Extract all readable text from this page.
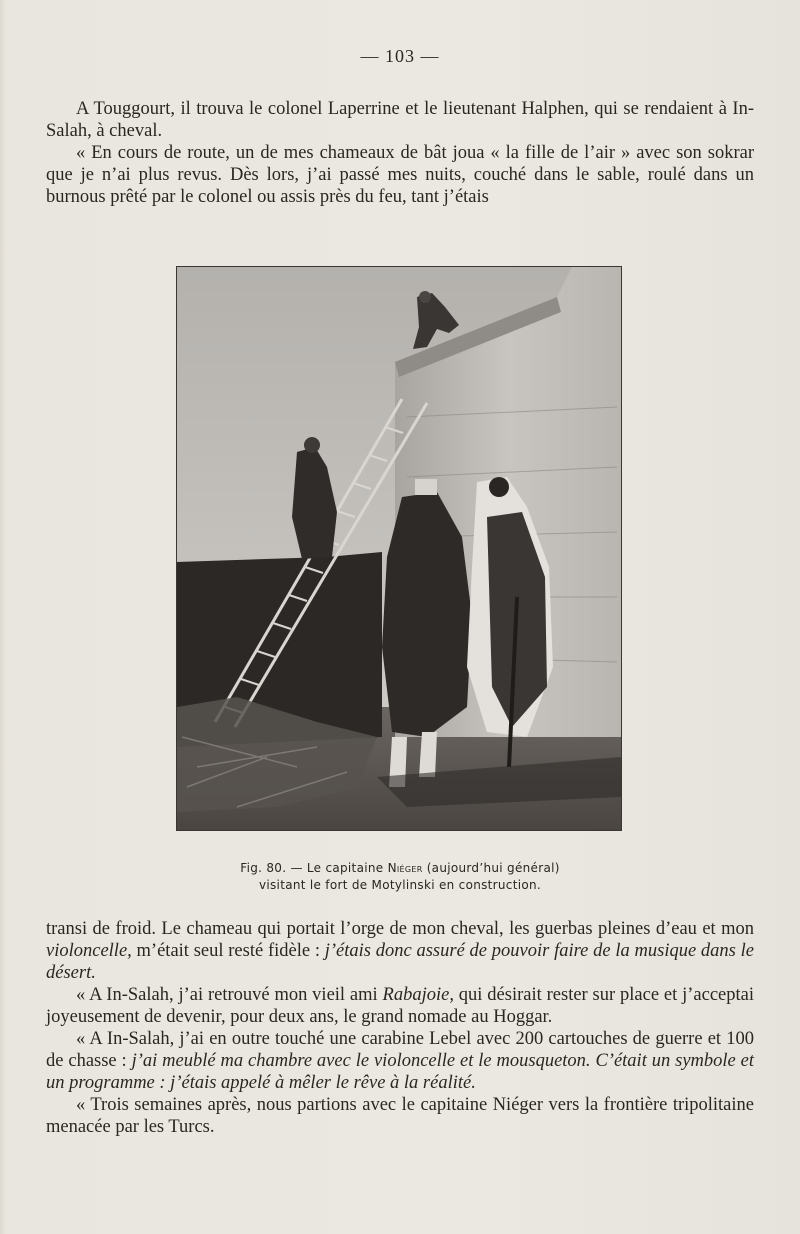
— 103 —

A Touggourt, il trouva le colonel Laperrine et le lieutenant Halphen, qui se rendaient à In-Salah, à cheval.

« En cours de route, un de mes chameaux de bât joua « la fille de l’air » avec son sokrar que je n’ai plus revus. Dès lors, j’ai passé mes nuits, couché dans le sable, roulé dans un burnous prêté par le colonel ou assis près du feu, tant j’étais

Fig. 80. — Le capitaine Niéger (aujourd’hui général)
visitant le fort de Motylinski en construction.

transi de froid. Le chameau qui portait l’orge de mon cheval, les guerbas pleines d’eau et mon violoncelle, m’était seul resté fidèle : j’étais donc assuré de pouvoir faire de la musique dans le désert.

« A In-Salah, j’ai retrouvé mon vieil ami Rabajoie, qui désirait rester sur place et j’acceptai joyeusement de devenir, pour deux ans, le grand nomade au Hoggar.

« A In-Salah, j’ai en outre touché une carabine Lebel avec 200 cartouches de guerre et 100 de chasse : j’ai meublé ma chambre avec le violoncelle et le mousqueton. C’était un symbole et un programme : j’étais appelé à mêler le rêve à la réalité.

« Trois semaines après, nous partions avec le capitaine Niéger vers la frontière tripolitaine menacée par les Turcs.
